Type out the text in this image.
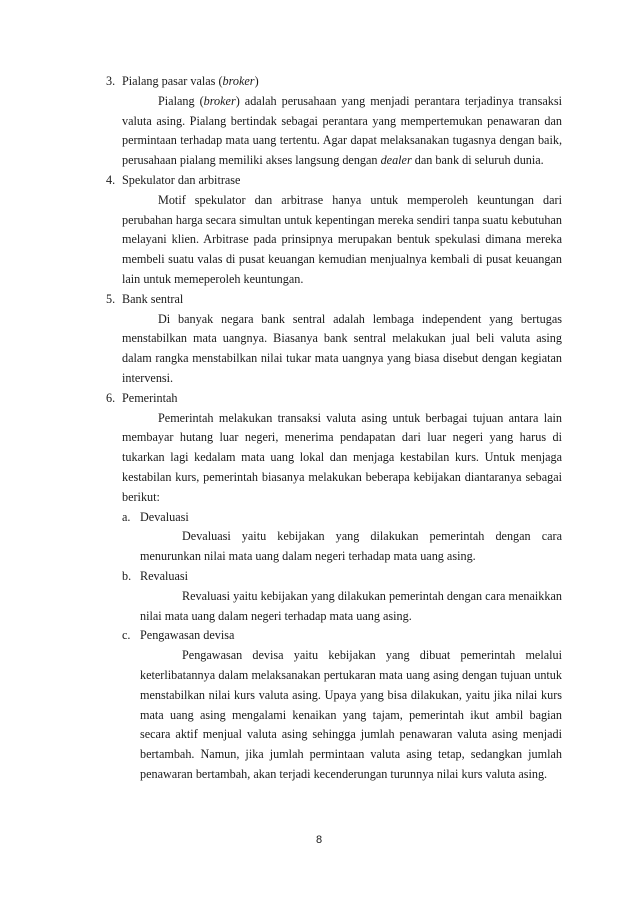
3. Pialang pasar valas (broker)
Pialang (broker) adalah perusahaan yang menjadi perantara terjadinya transaksi valuta asing. Pialang bertindak sebagai perantara yang mempertemukan penawaran dan permintaan terhadap mata uang tertentu. Agar dapat melaksanakan tugasnya dengan baik, perusahaan pialang memiliki akses langsung dengan dealer dan bank di seluruh dunia.
4. Spekulator dan arbitrase
Motif spekulator dan arbitrase hanya untuk memperoleh keuntungan dari perubahan harga secara simultan untuk kepentingan mereka sendiri tanpa suatu kebutuhan melayani klien. Arbitrase pada prinsipnya merupakan bentuk spekulasi dimana mereka membeli suatu valas di pusat keuangan kemudian menjualnya kembali di pusat keuangan lain untuk memeperoleh keuntungan.
5. Bank sentral
Di banyak negara bank sentral adalah lembaga independent yang bertugas menstabilkan mata uangnya. Biasanya bank sentral melakukan jual beli valuta asing dalam rangka menstabilkan nilai tukar mata uangnya yang biasa disebut dengan kegiatan intervensi.
6. Pemerintah
Pemerintah melakukan transaksi valuta asing untuk berbagai tujuan antara lain membayar hutang luar negeri, menerima pendapatan dari luar negeri yang harus di tukarkan lagi kedalam mata uang lokal dan menjaga kestabilan kurs. Untuk menjaga kestabilan kurs, pemerintah biasanya melakukan beberapa kebijakan diantaranya sebagai berikut:
a. Devaluasi
Devaluasi yaitu kebijakan yang dilakukan pemerintah dengan cara menurunkan nilai mata uang dalam negeri terhadap mata uang asing.
b. Revaluasi
Revaluasi yaitu kebijakan yang dilakukan pemerintah dengan cara menaikkan nilai mata uang dalam negeri terhadap mata uang asing.
c. Pengawasan devisa
Pengawasan devisa yaitu kebijakan yang dibuat pemerintah melalui keterlibatannya dalam melaksanakan pertukaran mata uang asing dengan tujuan untuk menstabilkan nilai kurs valuta asing. Upaya yang bisa dilakukan, yaitu jika nilai kurs mata uang asing mengalami kenaikan yang tajam, pemerintah ikut ambil bagian secara aktif menjual valuta asing sehingga jumlah penawaran valuta asing menjadi bertambah. Namun, jika jumlah permintaan valuta asing tetap, sedangkan jumlah penawaran bertambah, akan terjadi kecenderungan turunnya nilai kurs valuta asing.
8
